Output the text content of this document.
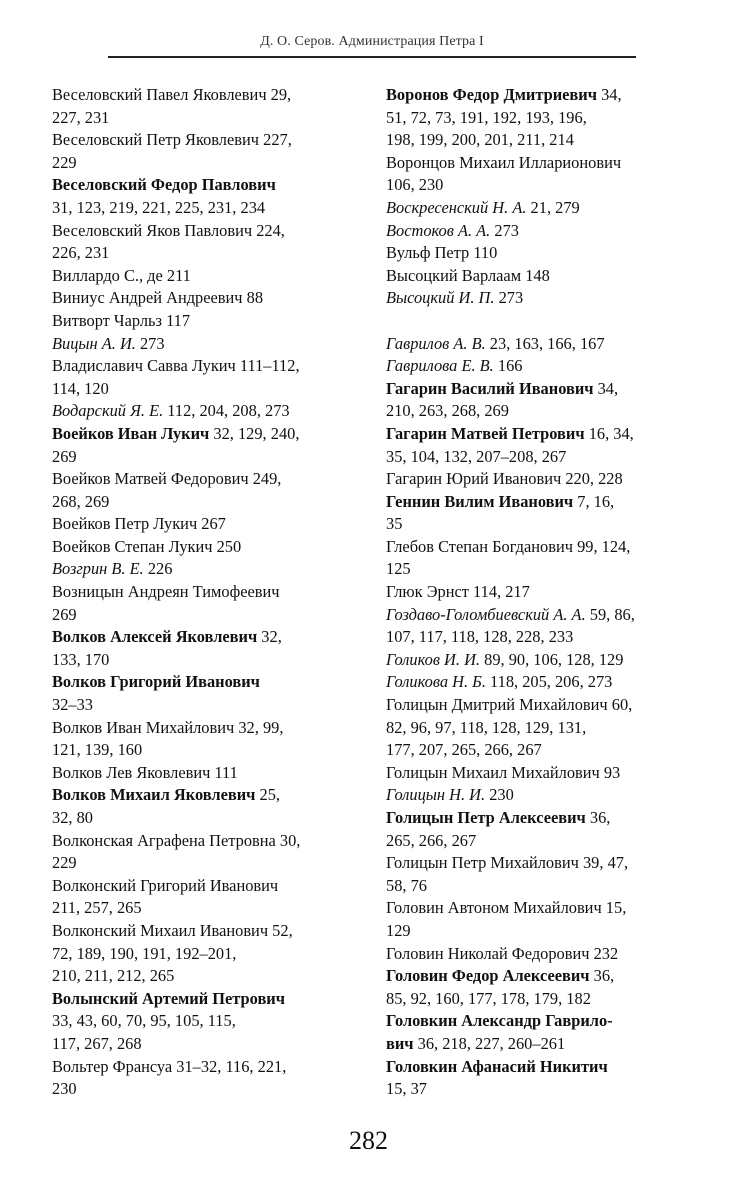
Д. О. Серов. Администрация Петра I
Веселовский Павел Яковлевич 29,
227, 231
Веселовский Петр Яковлевич 227,
229
Веселовский Федор Павлович
31, 123, 219, 221, 225, 231, 234
Веселовский Яков Павлович 224,
226, 231
Виллардо С., де 211
Виниус Андрей Андреевич 88
Витворт Чарльз 117
Вицын А. И. 273
Владиславич Савва Лукич 111–112,
114, 120
Водарский Я. Е. 112, 204, 208, 273
Воейков Иван Лукич 32, 129, 240,
269
Воейков Матвей Федорович 249,
268, 269
Воейков Петр Лукич 267
Воейков Степан Лукич 250
Возгрин В. Е. 226
Возницын Андреян Тимофеевич
269
Волков Алексей Яковлевич 32,
133, 170
Волков Григорий Иванович
32–33
Волков Иван Михайлович 32, 99,
121, 139, 160
Волков Лев Яковлевич 111
Волков Михаил Яковлевич 25,
32, 80
Волконская Аграфена Петровна 30,
229
Волконский Григорий Иванович
211, 257, 265
Волконский Михаил Иванович 52,
72, 189, 190, 191, 192–201,
210, 211, 212, 265
Волынский Артемий Петрович
33, 43, 60, 70, 95, 105, 115,
117, 267, 268
Вольтер Франсуа 31–32, 116, 221,
230
Воронов Федор Дмитриевич 34,
51, 72, 73, 191, 192, 193, 196,
198, 199, 200, 201, 211, 214
Воронцов Михаил Илларионович
106, 230
Воскресенский Н. А. 21, 279
Востоков А. А. 273
Вульф Петр 110
Высоцкий Варлаам 148
Высоцкий И. П. 273
Гаврилов А. В. 23, 163, 166, 167
Гаврилова Е. В. 166
Гагарин Василий Иванович 34,
210, 263, 268, 269
Гагарин Матвей Петрович 16, 34,
35, 104, 132, 207–208, 267
Гагарин Юрий Иванович 220, 228
Геннин Вилим Иванович 7, 16,
35
Глебов Степан Богданович 99, 124,
125
Глюк Эрнст 114, 217
Гоздаво-Голомбиевский А. А. 59, 86,
107, 117, 118, 128, 228, 233
Голиков И. И. 89, 90, 106, 128, 129
Голикова Н. Б. 118, 205, 206, 273
Голицын Дмитрий Михайлович 60,
82, 96, 97, 118, 128, 129, 131,
177, 207, 265, 266, 267
Голицын Михаил Михайлович 93
Голицын Н. И. 230
Голицын Петр Алексеевич 36,
265, 266, 267
Голицын Петр Михайлович 39, 47,
58, 76
Головин Автоном Михайлович 15,
129
Головин Николай Федорович 232
Головин Федор Алексеевич 36,
85, 92, 160, 177, 178, 179, 182
Головкин Александр Гаврило-
вич 36, 218, 227, 260–261
Головкин Афанасий Никитич
15, 37
282
